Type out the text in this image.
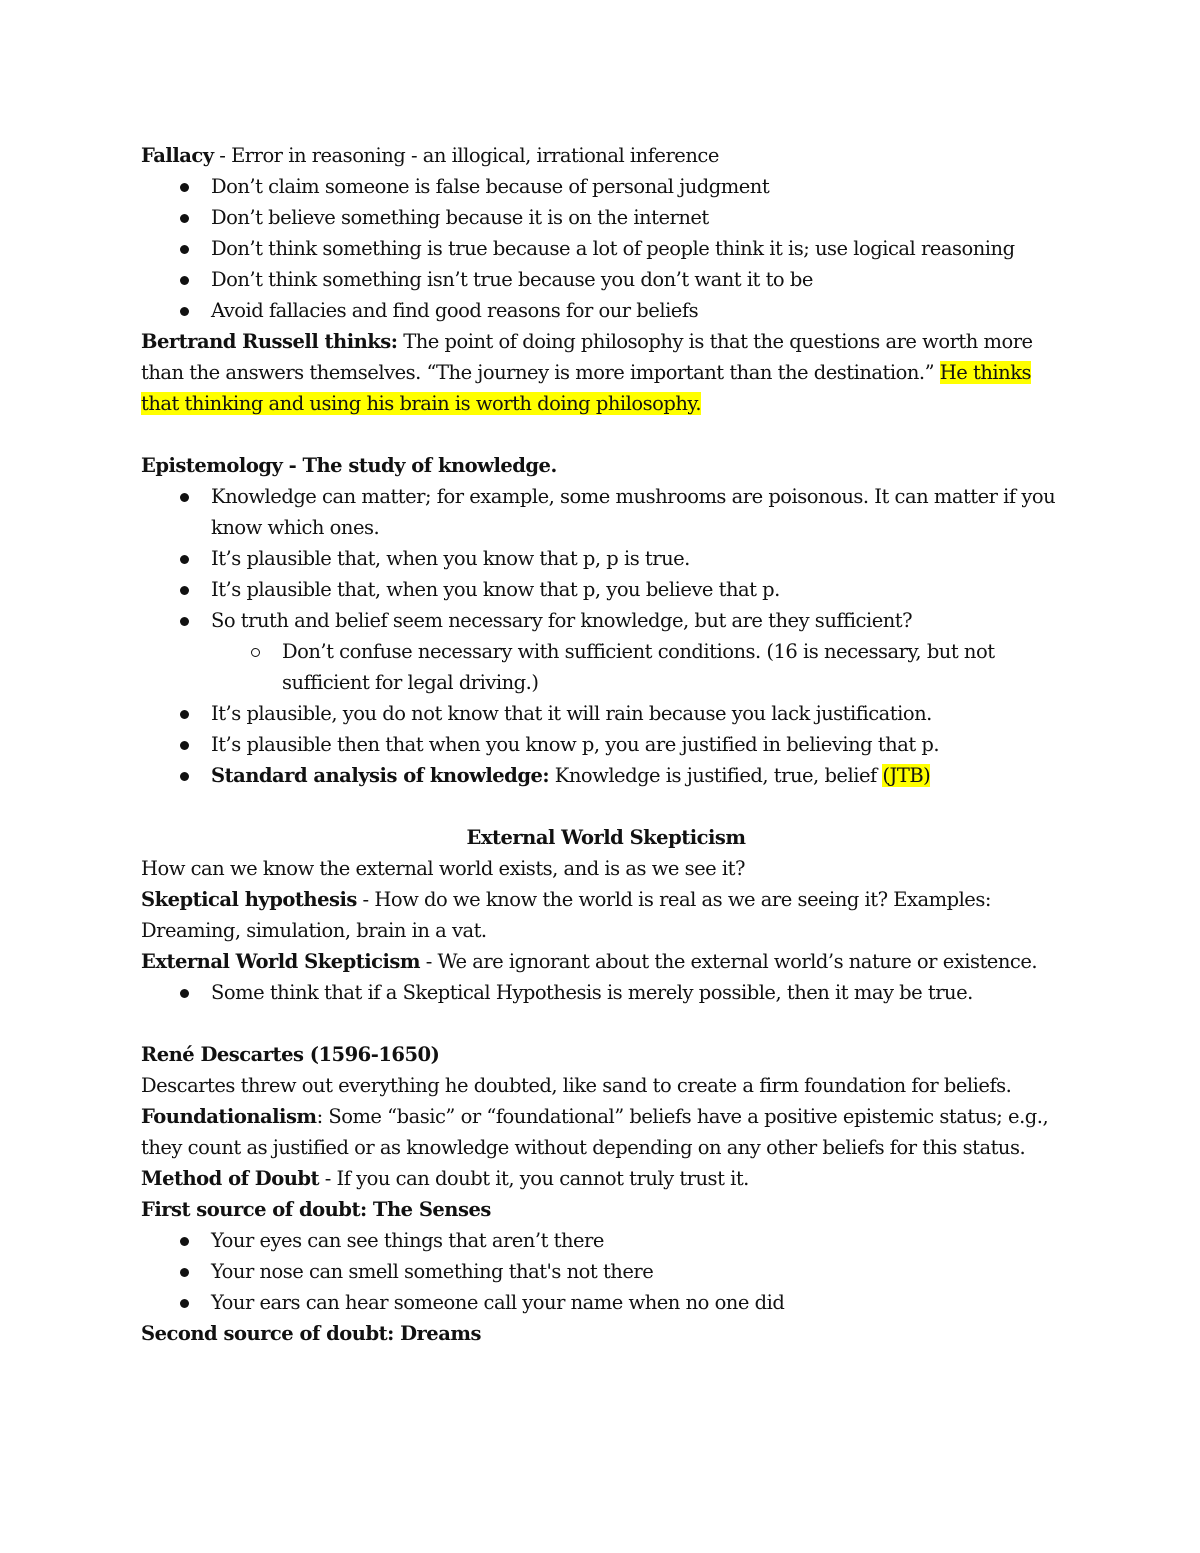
Fallacy - Error in reasoning - an illogical, irrational inference

Don’t claim someone is false because of personal judgment
Don’t believe something because it is on the internet
Don’t think something is true because a lot of people think it is; use logical reasoning
Don’t think something isn’t true because you don’t want it to be
Avoid fallacies and find good reasons for our beliefs

Bertrand Russell thinks: The point of doing philosophy is that the questions are worth more than the answers themselves. “The journey is more important than the destination.” He thinks that thinking and using his brain is worth doing philosophy.

Epistemology - The study of knowledge.

Knowledge can matter; for example, some mushrooms are poisonous. It can matter if you know which ones.
It’s plausible that, when you know that p, p is true.
It’s plausible that, when you know that p, you believe that p.
So truth and belief seem necessary for knowledge, but are they sufficient?
Don’t confuse necessary with sufficient conditions. (16 is necessary, but not sufficient for legal driving.)
It’s plausible, you do not know that it will rain because you lack justification.
It’s plausible then that when you know p, you are justified in believing that p.
Standard analysis of knowledge: Knowledge is justified, true, belief (JTB)

External World Skepticism

How can we know the external world exists, and is as we see it?

Skeptical hypothesis - How do we know the world is real as we are seeing it? Examples: Dreaming, simulation, brain in a vat.

External World Skepticism - We are ignorant about the external world’s nature or existence.

Some think that if a Skeptical Hypothesis is merely possible, then it may be true.

René Descartes (1596-1650)

Descartes threw out everything he doubted, like sand to create a firm foundation for beliefs.

Foundationalism: Some “basic” or “foundational” beliefs have a positive epistemic status; e.g., they count as justified or as knowledge without depending on any other beliefs for this status.

Method of Doubt - If you can doubt it, you cannot truly trust it.

First source of doubt: The Senses

Your eyes can see things that aren’t there
Your nose can smell something that's not there
Your ears can hear someone call your name when no one did

Second source of doubt: Dreams
